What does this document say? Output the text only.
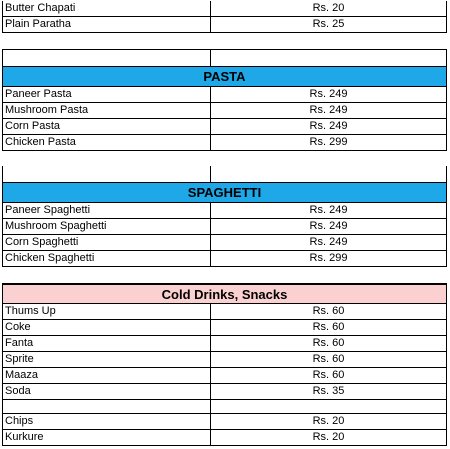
Butter Chapati	Rs. 20
Plain Paratha	Rs. 25
PASTA
Paneer Pasta	Rs. 249
Mushroom Pasta	Rs. 249
Corn Pasta	Rs. 249
Chicken Pasta	Rs. 299
SPAGHETTI
Paneer Spaghetti	Rs. 249
Mushroom Spaghetti	Rs. 249
Corn Spaghetti	Rs. 249
Chicken Spaghetti	Rs. 299
Cold Drinks, Snacks
Thums Up	Rs. 60
Coke	Rs. 60
Fanta	Rs. 60
Sprite	Rs. 60
Maaza	Rs. 60
Soda	Rs. 35
Chips	Rs. 20
Kurkure	Rs. 20
